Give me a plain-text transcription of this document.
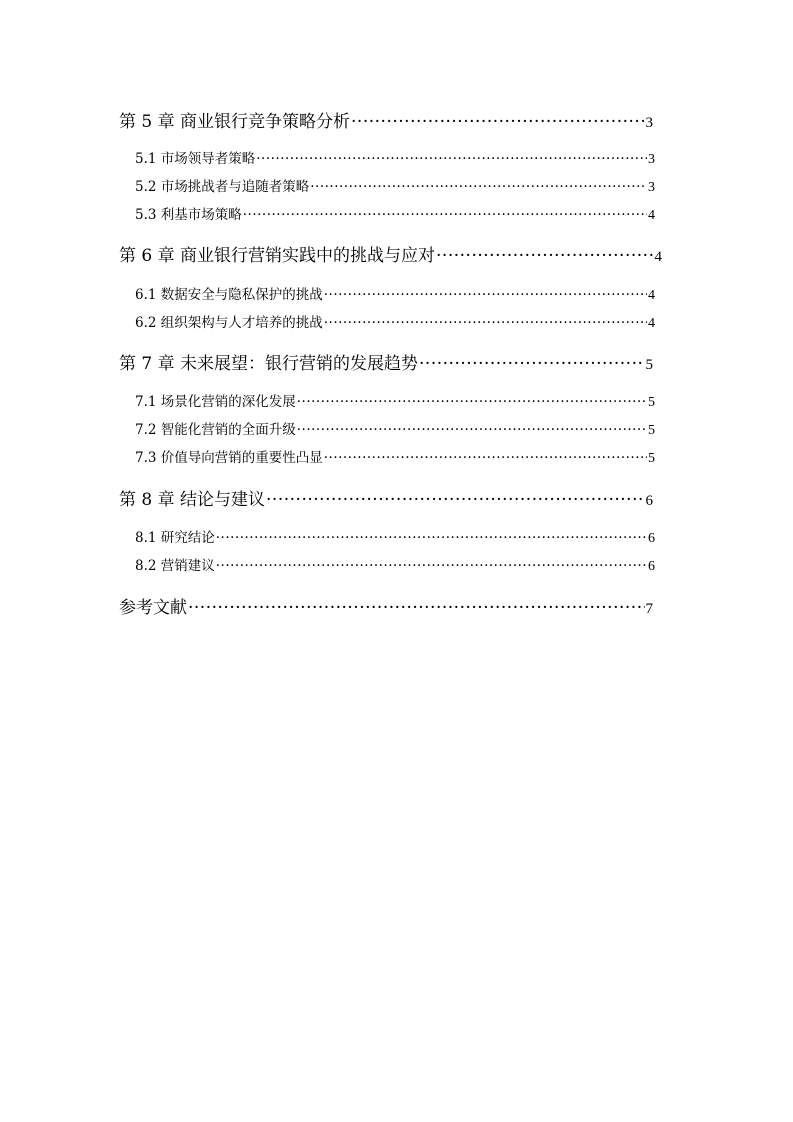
第 5 章 商业银行竞争策略分析 ·····	3
5.1 市场领导者策略 ·····	3
5.2 市场挑战者与追随者策略 ·····	3
5.3 利基市场策略 ·····	4
第 6 章 商业银行营销实践中的挑战与应对 ·····	4
6.1 数据安全与隐私保护的挑战 ·····	4
6.2 组织架构与人才培养的挑战 ·····	4
第 7 章 未来展望：银行营销的发展趋势 ·····	5
7.1 场景化营销的深化发展 ·····	5
7.2 智能化营销的全面升级 ·····	5
7.3 价值导向营销的重要性凸显 ·····	5
第 8 章 结论与建议 ·····	6
8.1 研究结论 ·····	6
8.2 营销建议 ·····	6
参考文献 ·····	7
